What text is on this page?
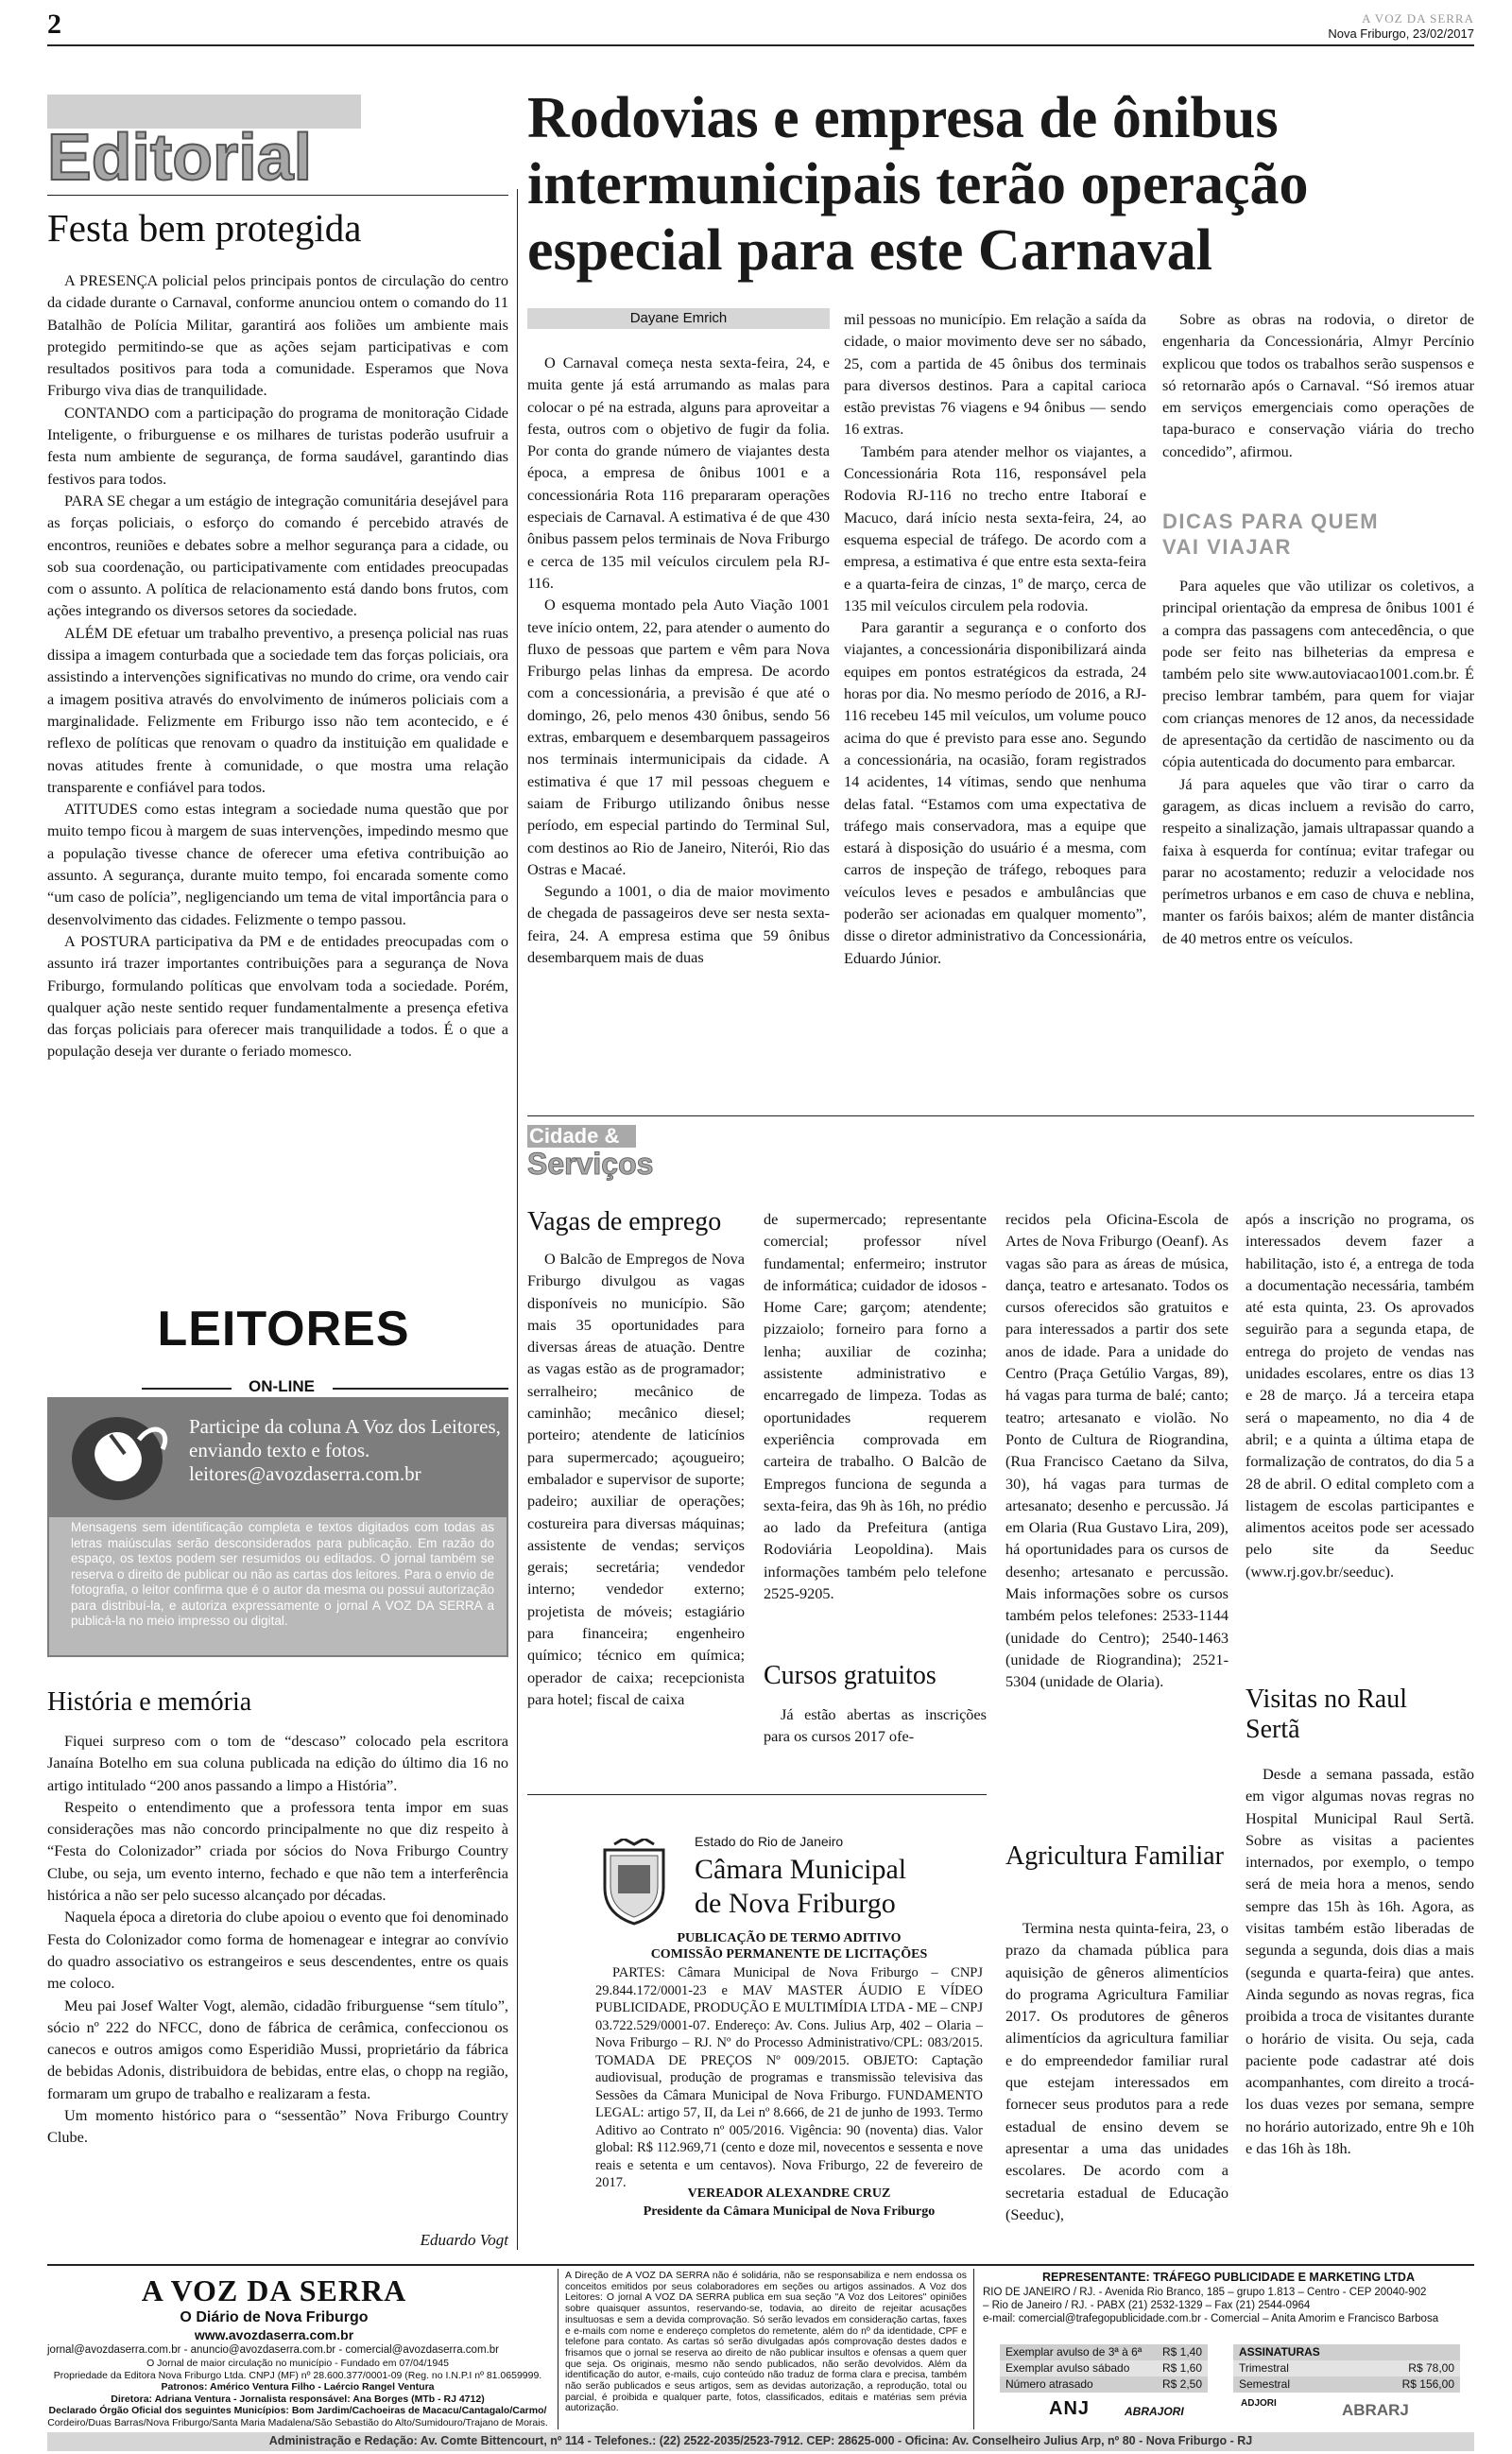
2	A VOZ DA SERRA
Nova Friburgo, 23/02/2017
Editorial
Festa bem protegida

A PRESENÇA policial pelos principais pontos de circulação do centro da cidade durante o Carnaval, conforme anunciou ontem o comando do 11 Batalhão de Polícia Militar, garantirá aos foliões um ambiente mais protegido permitindo-se que as ações sejam participativas e com resultados positivos para toda a comunidade. Esperamos que Nova Friburgo viva dias de tranquilidade.

CONTANDO com a participação do programa de monitoração Cidade Inteligente, o friburguense e os milhares de turistas poderão usufruir a festa num ambiente de segurança, de forma saudável, garantindo dias festivos para todos.

PARA SE chegar a um estágio de integração comunitária desejável para as forças policiais, o esforço do comando é percebido através de encontros, reuniões e debates sobre a melhor segurança para a cidade, ou sob sua coordenação, ou participativamente com entidades preocupadas com o assunto. A política de relacionamento está dando bons frutos, com ações integrando os diversos setores da sociedade.

ALÉM DE efetuar um trabalho preventivo, a presença policial nas ruas dissipa a imagem conturbada que a sociedade tem das forças policiais, ora assistindo a intervenções significativas no mundo do crime, ora vendo cair a imagem positiva através do envolvimento de inúmeros policiais com a marginalidade. Felizmente em Friburgo isso não tem acontecido, e é reflexo de políticas que renovam o quadro da instituição em qualidade e novas atitudes frente à comunidade, o que mostra uma relação transparente e confiável para todos.

ATITUDES como estas integram a sociedade numa questão que por muito tempo ficou à margem de suas intervenções, impedindo mesmo que a população tivesse chance de oferecer uma efetiva contribuição ao assunto. A segurança, durante muito tempo, foi encarada somente como “um caso de polícia”, negligenciando um tema de vital importância para o desenvolvimento das cidades. Felizmente o tempo passou.

A POSTURA participativa da PM e de entidades preocupadas com o assunto irá trazer importantes contribuições para a segurança de Nova Friburgo, formulando políticas que envolvam toda a sociedade. Porém, qualquer ação neste sentido requer fundamentalmente a presença efetiva das forças policiais para oferecer mais tranquilidade a todos. É o que a população deseja ver durante o feriado momesco.

LEITORES
ON-LINE
Participe da coluna A Voz dos Leitores, enviando texto e fotos.
leitores@avozdaserra.com.br
Mensagens sem identificação completa e textos digitados com todas as letras maiúsculas serão desconsiderados para publicação. Em razão do espaço, os textos podem ser resumidos ou editados. O jornal também se reserva o direito de publicar ou não as cartas dos leitores. Para o envio de fotografia, o leitor confirma que é o autor da mesma ou possui autorização para distribuí-la, e autoriza expressamente o jornal A VOZ DA SERRA a publicá-la no meio impresso ou digital.
História e memória

Fiquei surpreso com o tom de “descaso” colocado pela escritora Janaína Botelho em sua coluna publicada na edição do último dia 16 no artigo intitulado “200 anos passando a limpo a História”.

Respeito o entendimento que a professora tenta impor em suas considerações mas não concordo principalmente no que diz respeito à “Festa do Colonizador” criada por sócios do Nova Friburgo Country Clube, ou seja, um evento interno, fechado e que não tem a interferência histórica a não ser pelo sucesso alcançado por décadas.

Naquela época a diretoria do clube apoiou o evento que foi denominado Festa do Colonizador como forma de homenagear e integrar ao convívio do quadro associativo os estrangeiros e seus descendentes, entre os quais me coloco.

Meu pai Josef Walter Vogt, alemão, cidadão friburguense “sem título”, sócio nº 222 do NFCC, dono de fábrica de cerâmica, confeccionou os canecos e outros amigos como Esperidião Mussi, proprietário da fábrica de bebidas Adonis, distribuidora de bebidas, entre elas, o chopp na região, formaram um grupo de trabalho e realizaram a festa.

Um momento histórico para o “sessentão” Nova Friburgo Country Clube.

Eduardo Vogt
Rodovias e empresa de ônibus intermunicipais terão operação especial para este Carnaval
Dayane Emrich

O Carnaval começa nesta sexta-feira, 24, e muita gente já está arrumando as malas para colocar o pé na estrada, alguns para aproveitar a festa, outros com o objetivo de fugir da folia. Por conta do grande número de viajantes desta época, a empresa de ônibus 1001 e a concessionária Rota 116 prepararam operações especiais de Carnaval. A estimativa é de que 430 ônibus passem pelos terminais de Nova Friburgo e cerca de 135 mil veículos circulem pela RJ-116.

O esquema montado pela Auto Viação 1001 teve início ontem, 22, para atender o aumento do fluxo de pessoas que partem e vêm para Nova Friburgo pelas linhas da empresa. De acordo com a concessionária, a previsão é que até o domingo, 26, pelo menos 430 ônibus, sendo 56 extras, embarquem e desembarquem passageiros nos terminais intermunicipais da cidade. A estimativa é que 17 mil pessoas cheguem e saiam de Friburgo utilizando ônibus nesse período, em especial partindo do Terminal Sul, com destinos ao Rio de Janeiro, Niterói, Rio das Ostras e Macaé.

Segundo a 1001, o dia de maior movimento de chegada de passageiros deve ser nesta sexta-feira, 24. A empresa estima que 59 ônibus desembarquem mais de duas

mil pessoas no município. Em relação a saída da cidade, o maior movimento deve ser no sábado, 25, com a partida de 45 ônibus dos terminais para diversos destinos. Para a capital carioca estão previstas 76 viagens e 94 ônibus — sendo 16 extras.

Também para atender melhor os viajantes, a Concessionária Rota 116, responsável pela Rodovia RJ-116 no trecho entre Itaboraí e Macuco, dará início nesta sexta-feira, 24, ao esquema especial de tráfego. De acordo com a empresa, a estimativa é que entre esta sexta-feira e a quarta-feira de cinzas, 1º de março, cerca de 135 mil veículos circulem pela rodovia.

Para garantir a segurança e o conforto dos viajantes, a concessionária disponibilizará ainda equipes em pontos estratégicos da estrada, 24 horas por dia. No mesmo período de 2016, a RJ-116 recebeu 145 mil veículos, um volume pouco acima do que é previsto para esse ano. Segundo a concessionária, na ocasião, foram registrados 14 acidentes, 14 vítimas, sendo que nenhuma delas fatal. “Estamos com uma expectativa de tráfego mais conservadora, mas a equipe que estará à disposição do usuário é a mesma, com carros de inspeção de tráfego, reboques para veículos leves e pesados e ambulâncias que poderão ser acionadas em qualquer momento”, disse o diretor administrativo da Concessionária, Eduardo Júnior.

Sobre as obras na rodovia, o diretor de engenharia da Concessionária, Almyr Percínio explicou que todos os trabalhos serão suspensos e só retornarão após o Carnaval. “Só iremos atuar em serviços emergenciais como operações de tapa-buraco e conservação viária do trecho concedido”, afirmou.

DICAS PARA QUEM VAI VIAJAR

Para aqueles que vão utilizar os coletivos, a principal orientação da empresa de ônibus 1001 é a compra das passagens com antecedência, o que pode ser feito nas bilheterias da empresa e também pelo site www.autoviacao1001.com.br. É preciso lembrar também, para quem for viajar com crianças menores de 12 anos, da necessidade de apresentação da certidão de nascimento ou da cópia autenticada do documento para embarcar.

Já para aqueles que vão tirar o carro da garagem, as dicas incluem a revisão do carro, respeito a sinalização, jamais ultrapassar quando a faixa à esquerda for contínua; evitar trafegar ou parar no acostamento; reduzir a velocidade nos perímetros urbanos e em caso de chuva e neblina, manter os faróis baixos; além de manter distância de 40 metros entre os veículos.

Cidade &
Serviços
Vagas de emprego

O Balcão de Empregos de Nova Friburgo divulgou as vagas disponíveis no município. São mais 35 oportunidades para diversas áreas de atuação. Dentre as vagas estão as de programador; serralheiro; mecânico de caminhão; mecânico diesel; porteiro; atendente de laticínios para supermercado; açougueiro; embalador e supervisor de suporte; padeiro; auxiliar de operações; costureira para diversas máquinas; assistente de vendas; serviços gerais; secretária; vendedor interno; vendedor externo; projetista de móveis; estagiário para financeira; engenheiro químico; técnico em química; operador de caixa; recepcionista para hotel; fiscal de caixa

de supermercado; representante comercial; professor nível fundamental; enfermeiro; instrutor de informática; cuidador de idosos - Home Care; garçom; atendente; pizzaiolo; forneiro para forno a lenha; auxiliar de cozinha; assistente administrativo e encarregado de limpeza. Todas as oportunidades requerem experiência comprovada em carteira de trabalho. O Balcão de Empregos funciona de segunda a sexta-feira, das 9h às 16h, no prédio ao lado da Prefeitura (antiga Rodoviária Leopoldina). Mais informações também pelo telefone 2525-9205.

Cursos gratuitos

Já estão abertas as inscrições para os cursos 2017 ofe-

recidos pela Oficina-Escola de Artes de Nova Friburgo (Oeanf). As vagas são para as áreas de música, dança, teatro e artesanato. Todos os cursos oferecidos são gratuitos e para interessados a partir dos sete anos de idade. Para a unidade do Centro (Praça Getúlio Vargas, 89), há vagas para turma de balé; canto; teatro; artesanato e violão. No Ponto de Cultura de Riograndina, (Rua Francisco Caetano da Silva, 30), há vagas para turmas de artesanato; desenho e percussão. Já em Olaria (Rua Gustavo Lira, 209), há oportunidades para os cursos de desenho; artesanato e percussão. Mais informações sobre os cursos também pelos telefones: 2533-1144 (unidade do Centro); 2540-1463 (unidade de Riograndina); 2521-5304 (unidade de Olaria).

Agricultura Familiar

Termina nesta quinta-feira, 23, o prazo da chamada pública para aquisição de gêneros alimentícios do programa Agricultura Familiar 2017. Os produtores de gêneros alimentícios da agricultura familiar e do empreendedor familiar rural que estejam interessados em fornecer seus produtos para a rede estadual de ensino devem se apresentar a uma das unidades escolares. De acordo com a secretaria estadual de Educação (Seeduc),

após a inscrição no programa, os interessados devem fazer a habilitação, isto é, a entrega de toda a documentação necessária, também até esta quinta, 23. Os aprovados seguirão para a segunda etapa, de entrega do projeto de vendas nas unidades escolares, entre os dias 13 e 28 de março. Já a terceira etapa será o mapeamento, no dia 4 de abril; e a quinta a última etapa de formalização de contratos, do dia 5 a 28 de abril. O edital completo com a listagem de escolas participantes e alimentos aceitos pode ser acessado pelo site da Seeduc (www.rj.gov.br/seeduc).

Visitas no Raul Sertã

Desde a semana passada, estão em vigor algumas novas regras no Hospital Municipal Raul Sertã. Sobre as visitas a pacientes internados, por exemplo, o tempo será de meia hora a menos, sendo sempre das 15h às 16h. Agora, as visitas também estão liberadas de segunda a segunda, dois dias a mais (segunda e quarta-feira) que antes. Ainda segundo as novas regras, fica proibida a troca de visitantes durante o horário de visita. Ou seja, cada paciente pode cadastrar até dois acompanhantes, com direito a trocá-los duas vezes por semana, sempre no horário autorizado, entre 9h e 10h e das 16h às 18h.

Estado do Rio de Janeiro
Câmara Municipal
de Nova Friburgo
PUBLICAÇÃO DE TERMO ADITIVO
COMISSÃO PERMANENTE DE LICITAÇÕES
PARTES: Câmara Municipal de Nova Friburgo – CNPJ 29.844.172/0001-23 e MAV MASTER ÁUDIO E VÍDEO PUBLICIDADE, PRODUÇÃO E MULTIMÍDIA LTDA - ME – CNPJ 03.722.529/0001-07. Endereço: Av. Cons. Julius Arp, 402 – Olaria – Nova Friburgo – RJ. Nº do Processo Administrativo/CPL: 083/2015. TOMADA DE PREÇOS Nº 009/2015. OBJETO: Captação audiovisual, produção de programas e transmissão televisiva das Sessões da Câmara Municipal de Nova Friburgo. FUNDAMENTO LEGAL: artigo 57, II, da Lei nº 8.666, de 21 de junho de 1993. Termo Aditivo ao Contrato nº 005/2016. Vigência: 90 (noventa) dias. Valor global: R$ 112.969,71 (cento e doze mil, novecentos e sessenta e nove reais e setenta e um centavos). Nova Friburgo, 22 de fevereiro de 2017.
VEREADOR ALEXANDRE CRUZ
Presidente da Câmara Municipal de Nova Friburgo
A VOZ DA SERRA
O Diário de Nova Friburgo
www.avozdaserra.com.br
jornal@avozdaserra.com.br - anuncio@avozdaserra.com.br - comercial@avozdaserra.com.br
O Jornal de maior circulação no município - Fundado em 07/04/1945
Propriedade da Editora Nova Friburgo Ltda. CNPJ (MF) nº 28.600.377/0001-09 (Reg. no I.N.P.I nº 81.0659999.
Patronos: Américo Ventura Filho - Laércio Rangel Ventura
Diretora: Adriana Ventura - Jornalista responsável: Ana Borges (MTb - RJ 4712)
Declarado Órgão Oficial dos seguintes Municípios: Bom Jardim/Cachoeiras de Macacu/Cantagalo/Carmo/
Cordeiro/Duas Barras/Nova Friburgo/Santa Maria Madalena/São Sebastião do Alto/Sumidouro/Trajano de Morais.
A Direção de A VOZ DA SERRA não é solidária, não se responsabiliza e nem endossa os conceitos emitidos por seus colaboradores em seções ou artigos assinados. A Voz dos Leitores: O jornal A VOZ DA SERRA publica em sua seção "A Voz dos Leitores" opiniões sobre quaisquer assuntos, reservando-se, todavia, ao direito de rejeitar acusações insultuosas e sem a devida comprovação. Só serão levados em consideração cartas, faxes e e-mails com nome e endereço completos do remetente, além do nº da identidade, CPF e telefone para contato. As cartas só serão divulgadas após comprovação destes dados e frisamos que o jornal se reserva ao direito de não publicar insultos e ofensas a quem quer que seja. Os originais, mesmo não sendo publicados, não serão devolvidos. Além da identificação do autor, e-mails, cujo conteúdo não traduz de forma clara e precisa, também não serão publicados e seus artigos, sem as devidas autorização, a reprodução, total ou parcial, é proibida e qualquer parte, fotos, classificados, editais e matérias sem prévia autorização.
REPRESENTANTE: TRÁFEGO PUBLICIDADE E MARKETING LTDA
RIO DE JANEIRO / RJ. - Avenida Rio Branco, 185 – grupo 1.813 – Centro - CEP 20040-902
– Rio de Janeiro / RJ. - PABX (21) 2532-1329 – Fax (21) 2544-0964
e-mail: comercial@trafegopublicidade.com.br - Comercial – Anita Amorim e Francisco Barbosa
Exemplar avulso de 3ª à 6ª R$ 1,40
Exemplar avulso sábado	R$ 1,60
Número atrasado	R$ 2,50
ASSINATURAS
Trimestral	R$ 78,00
Semestral	R$ 156,00
ANJ	ABRAJORI
ADJORI	ABRARJ
Administração e Redação: Av. Comte Bittencourt, nº 114 - Telefones.: (22) 2522-2035/2523-7912. CEP: 28625-000 - Oficina: Av. Conselheiro Julius Arp, nº 80 - Nova Friburgo - RJ
